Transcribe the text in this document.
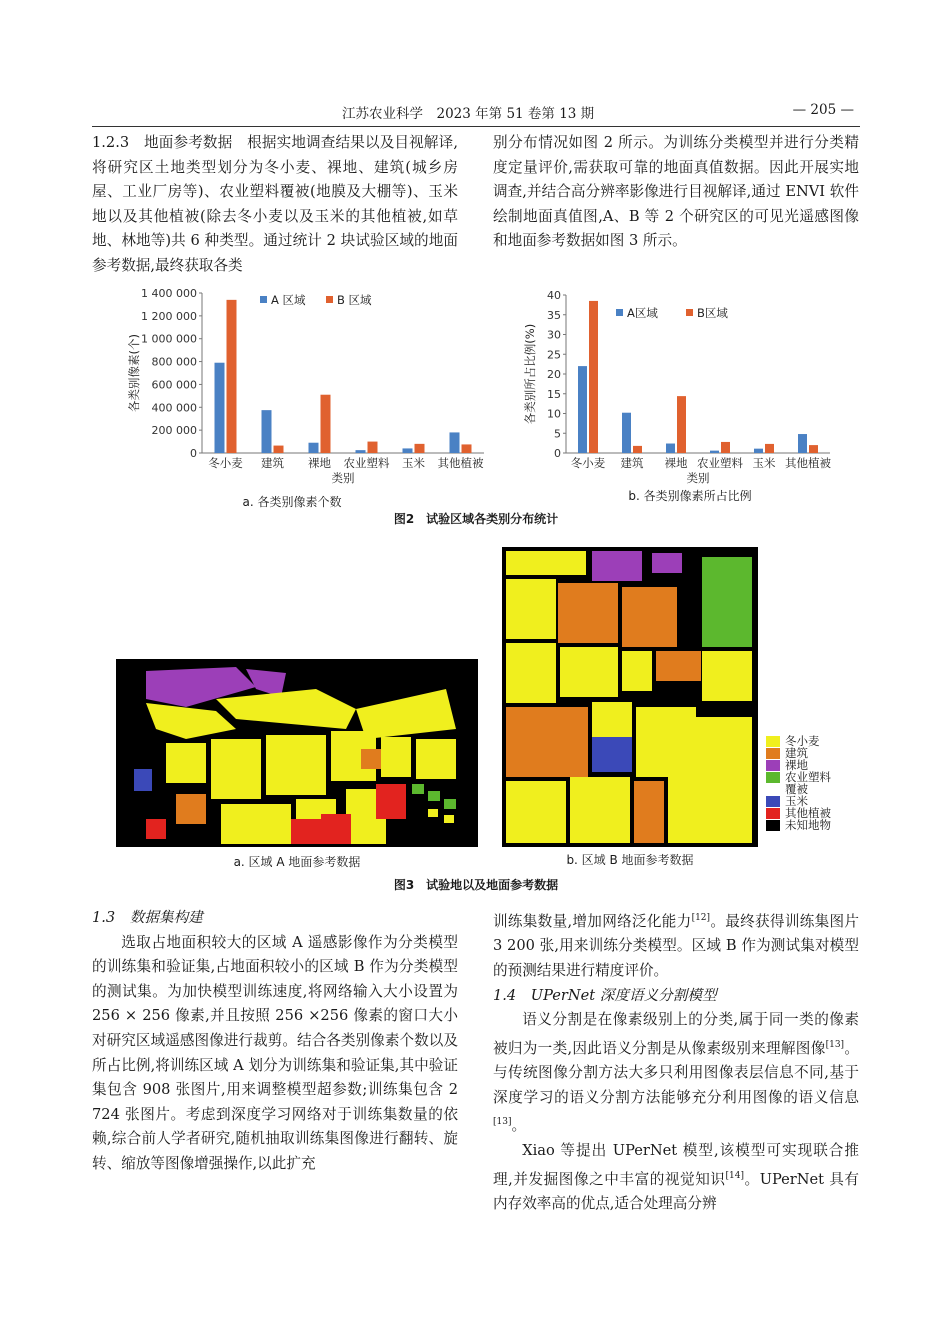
江苏农业科学　2023 年第 51 卷第 13 期	— 205 —

1.2.3　地面参考数据　 根据实地调查结果以及目视解译,将研究区土地类型划分为冬小麦、裸地、建筑(城乡房屋、工业厂房等)、农业塑料覆被(地膜及大棚等)、玉米地以及其他植被(除去冬小麦以及玉米的其他植被,如草地、林地等)共 6 种类型。通过统计 2 块试验区域的地面参考数据,最终获取各类

别分布情况如图 2 所示。为训练分类模型并进行分类精度定量评价,需获取可靠的地面真值数据。因此开展实地调查,并结合高分辨率影像进行目视解译,通过 ENVI 软件绘制地面真值图,A、B 等 2 个研究区的可见光遥感图像和地面参考数据如图 3 所示。

0
200 000
400 000
600 000
800 000
1 000 000
1 200 000
1 400 000
冬小麦 建筑 裸地 农业塑料 玉米 其他植被
类别
各类别像素(个)
A 区域	B 区域
a. 各类别像素个数
0
5
10
15
20
25
30
35
40
冬小麦 建筑 裸地 农业塑料 玉米 其他植被
类别
各类别所占比例(%)
A区域	B区域
b. 各类别像素所占比例
图2　试验区域各类别分布统计
a. 区域 A 地面参考数据	b. 区域 B 地面参考数据
冬小麦
建筑
裸地
农业塑料
覆被
玉米
其他植被
未知地物
图3　试验地以及地面参考数据

1.3　数据集构建

选取占地面积较大的区域 A 遥感影像作为分类模型的训练集和验证集,占地面积较小的区域 B 作为分类模型的测试集。为加快模型训练速度,将网络输入大小设置为 256 × 256 像素,并且按照 256 ×256 像素的窗口大小对研究区域遥感图像进行裁剪。结合各类别像素个数以及所占比例,将训练区域 A 划分为训练集和验证集,其中验证集包含 908 张图片,用来调整模型超参数;训练集包含 2 724 张图片。考虑到深度学习网络对于训练集数量的依赖,综合前人学者研究,随机抽取训练集图像进行翻转、旋转、缩放等图像增强操作,以此扩充

训练集数量,增加网络泛化能力[12]。最终获得训练集图片 3 200 张,用来训练分类模型。区域 B 作为测试集对模型的预测结果进行精度评价。

1.4　UPerNet 深度语义分割模型

语义分割是在像素级别上的分类,属于同一类的像素被归为一类,因此语义分割是从像素级别来理解图像[13]。与传统图像分割方法大多只利用图像表层信息不同,基于深度学习的语义分割方法能够充分利用图像的语义信息[13]。

Xiao 等提出 UPerNet 模型,该模型可实现联合推理,并发掘图像之中丰富的视觉知识[14]。UPerNet 具有内存效率高的优点,适合处理高分辨
